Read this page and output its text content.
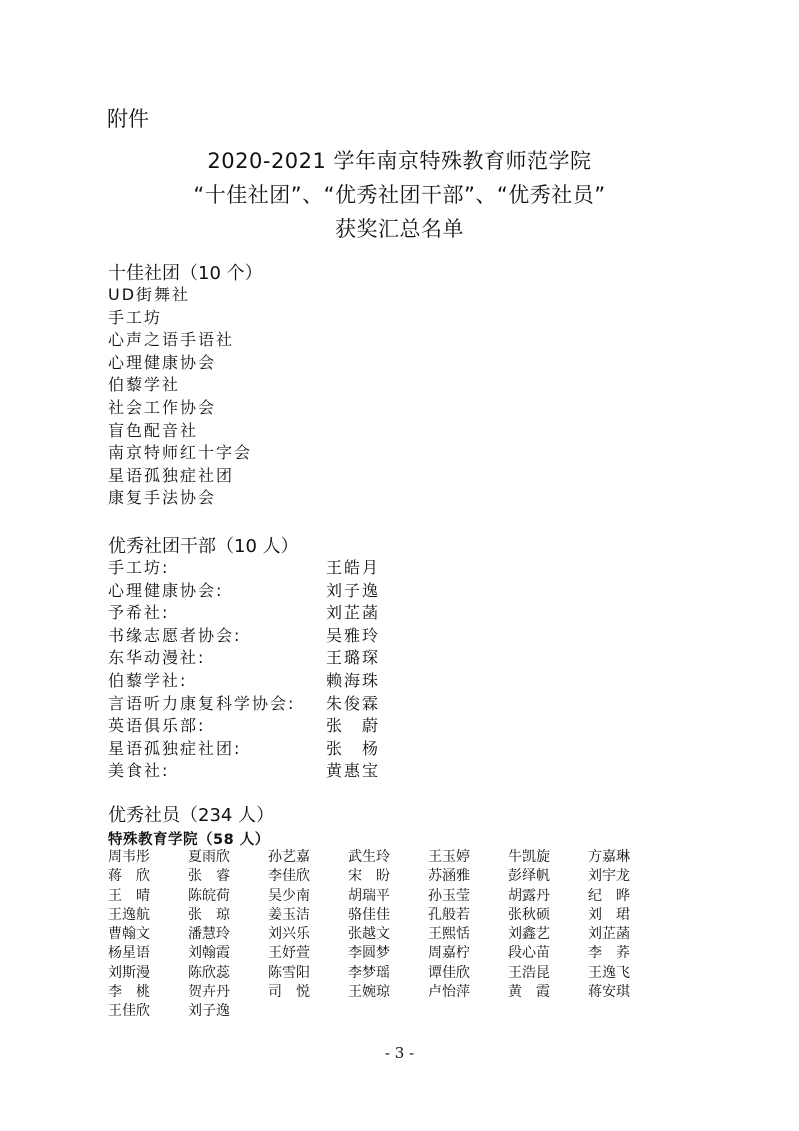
附件
2020-2021 学年南京特殊教育师范学院
“十佳社团”、“优秀社团干部”、“优秀社员”
获奖汇总名单
十佳社团（10 个）
UD街舞社
手工坊
心声之语手语社
心理健康协会
伯藜学社
社会工作协会
盲色配音社
南京特师红十字会
星语孤独症社团
康复手法协会
优秀社团干部（10 人）
手工坊:	王皓月
心理健康协会:	刘子逸
予希社:	刘芷菡
书缘志愿者协会:	吴雅玲
东华动漫社:	王璐琛
伯藜学社:	赖海珠
言语听力康复科学协会: 朱俊霖
英语俱乐部:	张　蔚
星语孤独症社团:	张　杨
美食社:	黄惠宝
优秀社员（234 人）
特殊教育学院（58 人）
周韦彤	夏雨欣	孙艺嘉	武生玲	王玉婷	牛凯旋	方嘉琳
蒋　欣	张　睿	李佳欣	宋　盼	苏涵雅	彭绎帆	刘宇龙
王　晴	陈皖荷	吴少南	胡瑞平	孙玉莹	胡露丹	纪　晔
王逸航	张　琼	姜玉洁	骆佳佳	孔般若	张秋硕	刘　珺
曹翰文	潘慧玲	刘兴乐	张越文	王熙恬	刘鑫艺	刘芷菡
杨星语	刘翰霞	王妤萱	李圆梦	周嘉柠	段心苗	李　荞
刘斯漫	陈欣蕊	陈雪阳	李梦瑶	谭佳欣	王浩昆	王逸飞
李　桃	贺卉丹	司　悦	王婉琼	卢怡萍	黄　霞	蒋安琪
王佳欣	刘子逸
- 3 -
